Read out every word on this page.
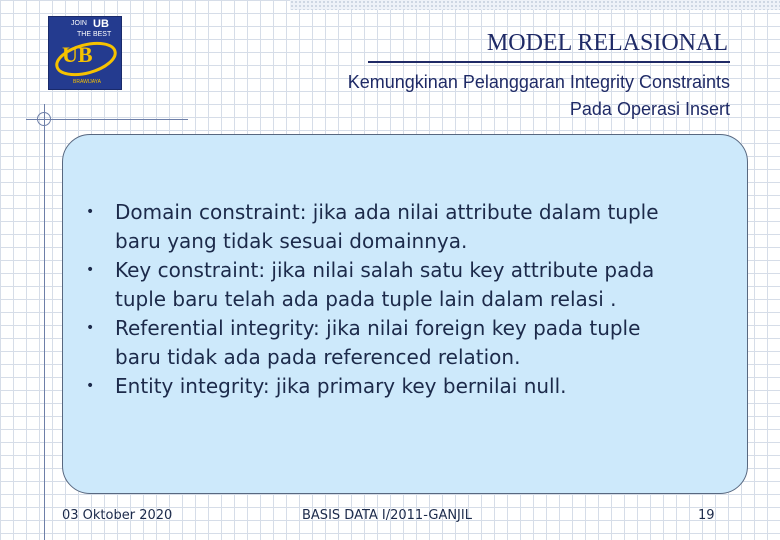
JOIN UB
THE BEST
UB
BRAWIJAYA
MODEL RELASIONAL
Kemungkinan Pelanggaran Integrity Constraints
Pada Operasi Insert
•	Domain constraint: jika ada nilai attribute dalam tuple
baru yang tidak sesuai domainnya.
•	Key constraint: jika nilai salah satu key attribute pada
tuple baru telah ada pada tuple lain dalam relasi .
•	Referential integrity: jika nilai foreign key pada tuple
baru tidak ada pada referenced relation.
•	Entity integrity: jika primary key bernilai null.
03 Oktober 2020	BASIS DATA I/2011-GANJIL	19
